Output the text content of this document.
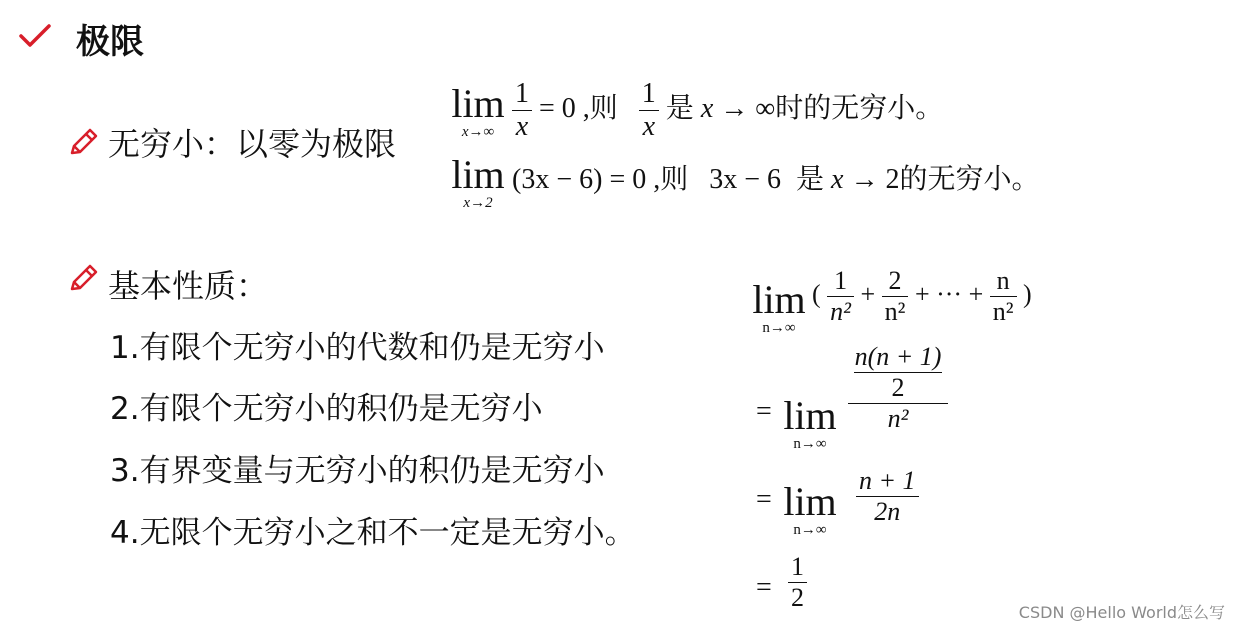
极限
无穷小：以零为极限
lim
$x\to\infty \frac{1}{x} = 0$ ,则 $\frac{1}{x}$ 是 x → ∞时的无穷小。
lim
x→2
(3x − 6) = 0 ,则 3x − 6 是 x → 2的无穷小。
基本性质：
1.有限个无穷小的代数和仍是无穷小
2.有限个无穷小的积仍是无穷小
3.有界变量与无穷小的积仍是无穷小
4.无限个无穷小之和不一定是无穷小。
lim
n→∞
( $\frac{1}{\text{n²}} + \frac{2}{\text{n²}}$ + ··· + $\frac{n}{\text{n²}}$ )
= lim
n→∞
n(n + 1)
2
n²
= lim
n→∞
$\frac{n + 1}{2n}$
= $\frac{1}{2}$	CSDN @Hello World怎么写
